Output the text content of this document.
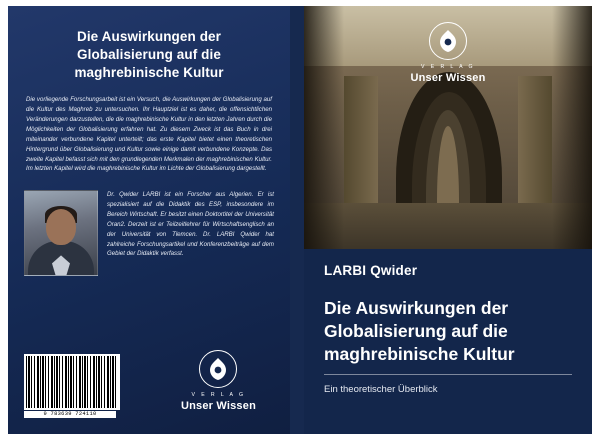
Die Auswirkungen der Globalisierung auf die maghrebinische Kultur
Die vorliegende Forschungsarbeit ist ein Versuch, die Auswirkungen der Globalisierung auf die Kultur des Maghreb zu untersuchen. Ihr Hauptziel ist es daher, die offensichtlichen Veränderungen darzustellen, die die maghrebinische Kultur in den letzten Jahren durch die Möglichkeiten der Globalisierung erfahren hat. Zu diesem Zweck ist das Buch in drei miteinander verbundene Kapitel unterteilt; das erste Kapitel bietet einen theoretischen Hintergrund über Globalisierung und Kultur sowie einige damit verbundene Konzepte. Das zweite Kapitel befasst sich mit den grundlegenden Merkmalen der maghrebinischen Kultur. Im letzten Kapitel wird die maghrebinische Kultur im Lichte der Globalisierung dargestellt.
Dr. Qwider LARBI ist ein Forscher aus Algerien. Er ist spezialisiert auf die Didaktik des ESP, insbesondere im Bereich Wirtschaft. Er besitzt einen Doktortitel der Universität Oran2. Derzeit ist er Teilzeitlehrer für Wirtschaftsenglisch an der Universität von Tlemcen. Dr. LARBI Qwider hat zahlreiche Forschungsartikel und Konferenzbeiträge auf dem Gebiet der Didaktik verfasst.
9 783639 724110
V E R L A G
Unser Wissen
V E R L A G
Unser Wissen
LARBI Qwider
Die Auswirkungen der Globalisierung auf die maghrebinische Kultur
Ein theoretischer Überblick
